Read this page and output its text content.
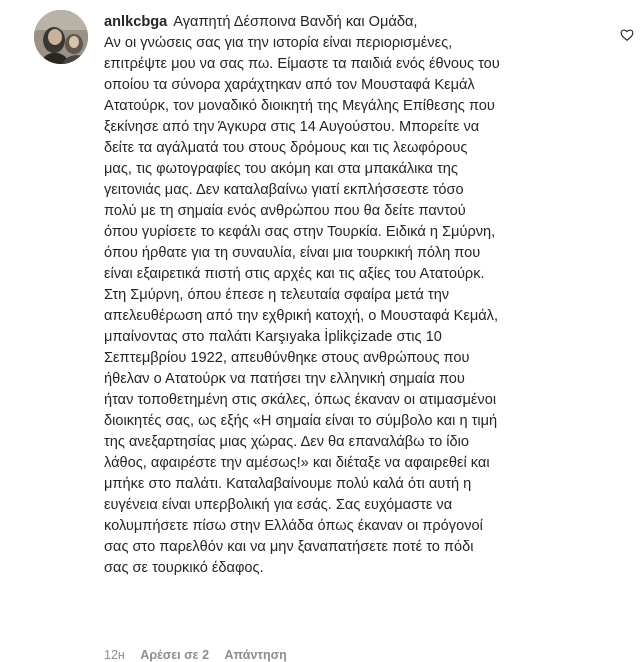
anlkcbga Αγαπητή Δέσποινα Βανδή και Ομάδα,
Αν οι γνώσεις σας για την ιστορία είναι περιορισμένες,
επιτρέψτε μου να σας πω. Είμαστε τα παιδιά ενός έθνους του
οποίου τα σύνορα χαράχτηκαν από τον Μουσταφά Κεμάλ
Ατατούρκ, τον μοναδικό διοικητή της Μεγάλης Επίθεσης που
ξεκίνησε από την Άγκυρα στις 14 Αυγούστου. Μπορείτε να
δείτε τα αγάλματά του στους δρόμους και τις λεωφόρους
μας, τις φωτογραφίες του ακόμη και στα μπακάλικα της
γειτονιάς μας. Δεν καταλαβαίνω γιατί εκπλήσσεστε τόσο
πολύ με τη σημαία ενός ανθρώπου που θα δείτε παντού
όπου γυρίσετε το κεφάλι σας στην Τουρκία. Ειδικά η Σμύρνη,
όπου ήρθατε για τη συναυλία, είναι μια τουρκική πόλη που
είναι εξαιρετικά πιστή στις αρχές και τις αξίες του Ατατούρκ.
Στη Σμύρνη, όπου έπεσε η τελευταία σφαίρα μετά την
απελευθέρωση από την εχθρική κατοχή, ο Μουσταφά Κεμάλ,
μπαίνοντας στο παλάτι Karşıyaka İplikçizade στις 10
Σεπτεμβρίου 1922, απευθύνθηκε στους ανθρώπους που
ήθελαν ο Ατατούρκ να πατήσει την ελληνική σημαία που
ήταν τοποθετημένη στις σκάλες, όπως έκαναν οι ατιμασμένοι
διοικητές σας, ως εξής «Η σημαία είναι το σύμβολο και η τιμή
της ανεξαρτησίας μιας χώρας. Δεν θα επαναλάβω το ίδιο
λάθος, αφαιρέστε την αμέσως!» και διέταξε να αφαιρεθεί και
μπήκε στο παλάτι. Καταλαβαίνουμε πολύ καλά ότι αυτή η
ευγένεια είναι υπερβολική για εσάς. Σας ευχόμαστε να
κολυμπήσετε πίσω στην Ελλάδα όπως έκαναν οι πρόγονοί
σας στο παρελθόν και να μην ξαναπατήσετε ποτέ το πόδι
σας σε τουρκικό έδαφος.
12н Αρέσει σε 2 Απάντηση
